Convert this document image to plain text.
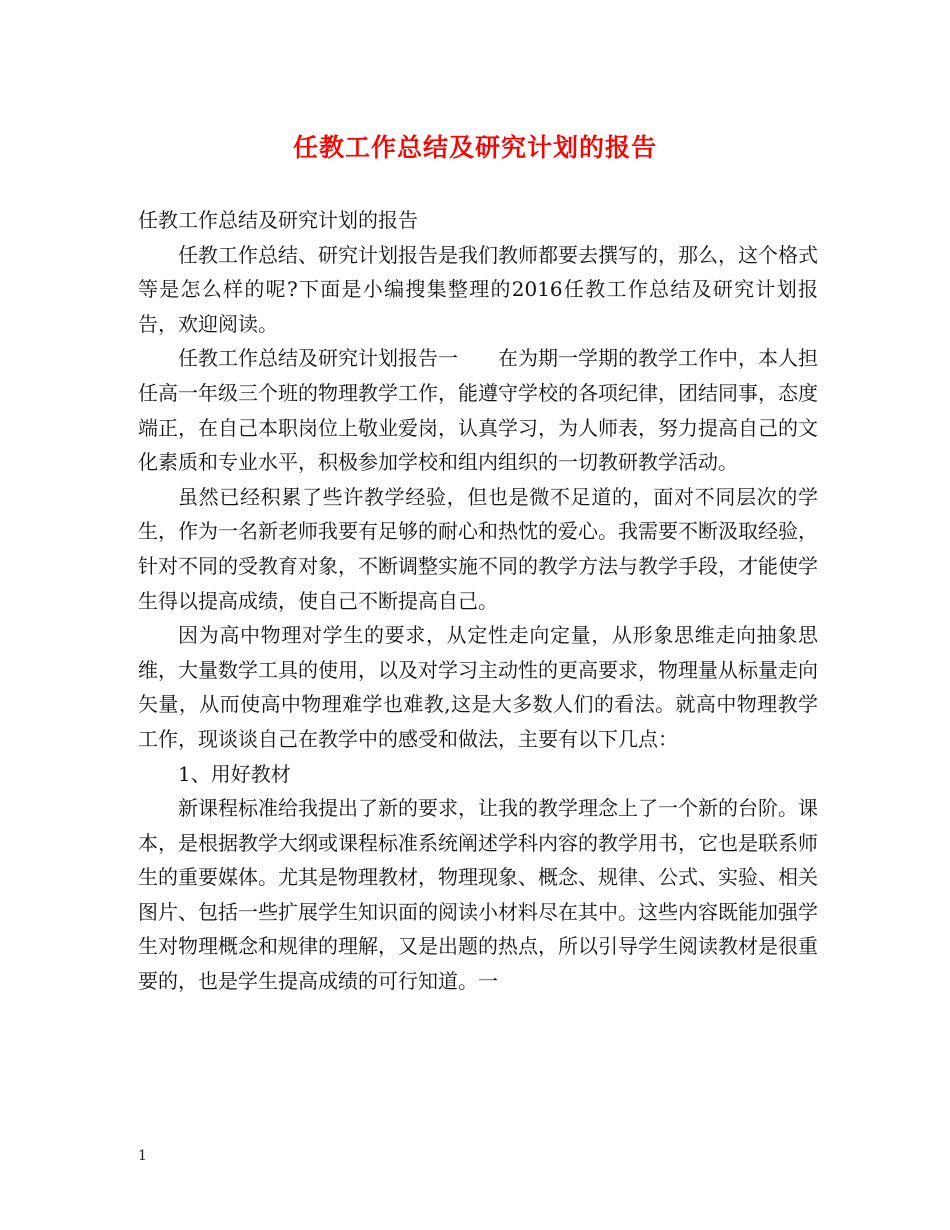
任教工作总结及研究计划的报告

任教工作总结及研究计划的报告

任教工作总结、研究计划报告是我们教师都要去撰写的，那么，这个格式等是怎么样的呢?下面是小编搜集整理的2016任教工作总结及研究计划报告，欢迎阅读。

任教工作总结及研究计划报告一　　在为期一学期的教学工作中，本人担任高一年级三个班的物理教学工作，能遵守学校的各项纪律，团结同事，态度端正，在自己本职岗位上敬业爱岗，认真学习，为人师表，努力提高自己的文化素质和专业水平，积极参加学校和组内组织的一切教研教学活动。

虽然已经积累了些许教学经验，但也是微不足道的，面对不同层次的学生，作为一名新老师我要有足够的耐心和热忱的爱心。我需要不断汲取经验，针对不同的受教育对象，不断调整实施不同的教学方法与教学手段，才能使学生得以提高成绩，使自己不断提高自己。

因为高中物理对学生的要求，从定性走向定量，从形象思维走向抽象思维，大量数学工具的使用，以及对学习主动性的更高要求，物理量从标量走向矢量，从而使高中物理难学也难教,这是大多数人们的看法。就高中物理教学工作，现谈谈自己在教学中的感受和做法，主要有以下几点：

1、用好教材

新课程标准给我提出了新的要求，让我的教学理念上了一个新的台阶。课本，是根据教学大纲或课程标准系统阐述学科内容的教学用书，它也是联系师生的重要媒体。尤其是物理教材，物理现象、概念、规律、公式、实验、相关图片、包括一些扩展学生知识面的阅读小材料尽在其中。这些内容既能加强学生对物理概念和规律的理解，又是出题的热点，所以引导学生阅读教材是很重要的，也是学生提高成绩的可行知道。一

1
